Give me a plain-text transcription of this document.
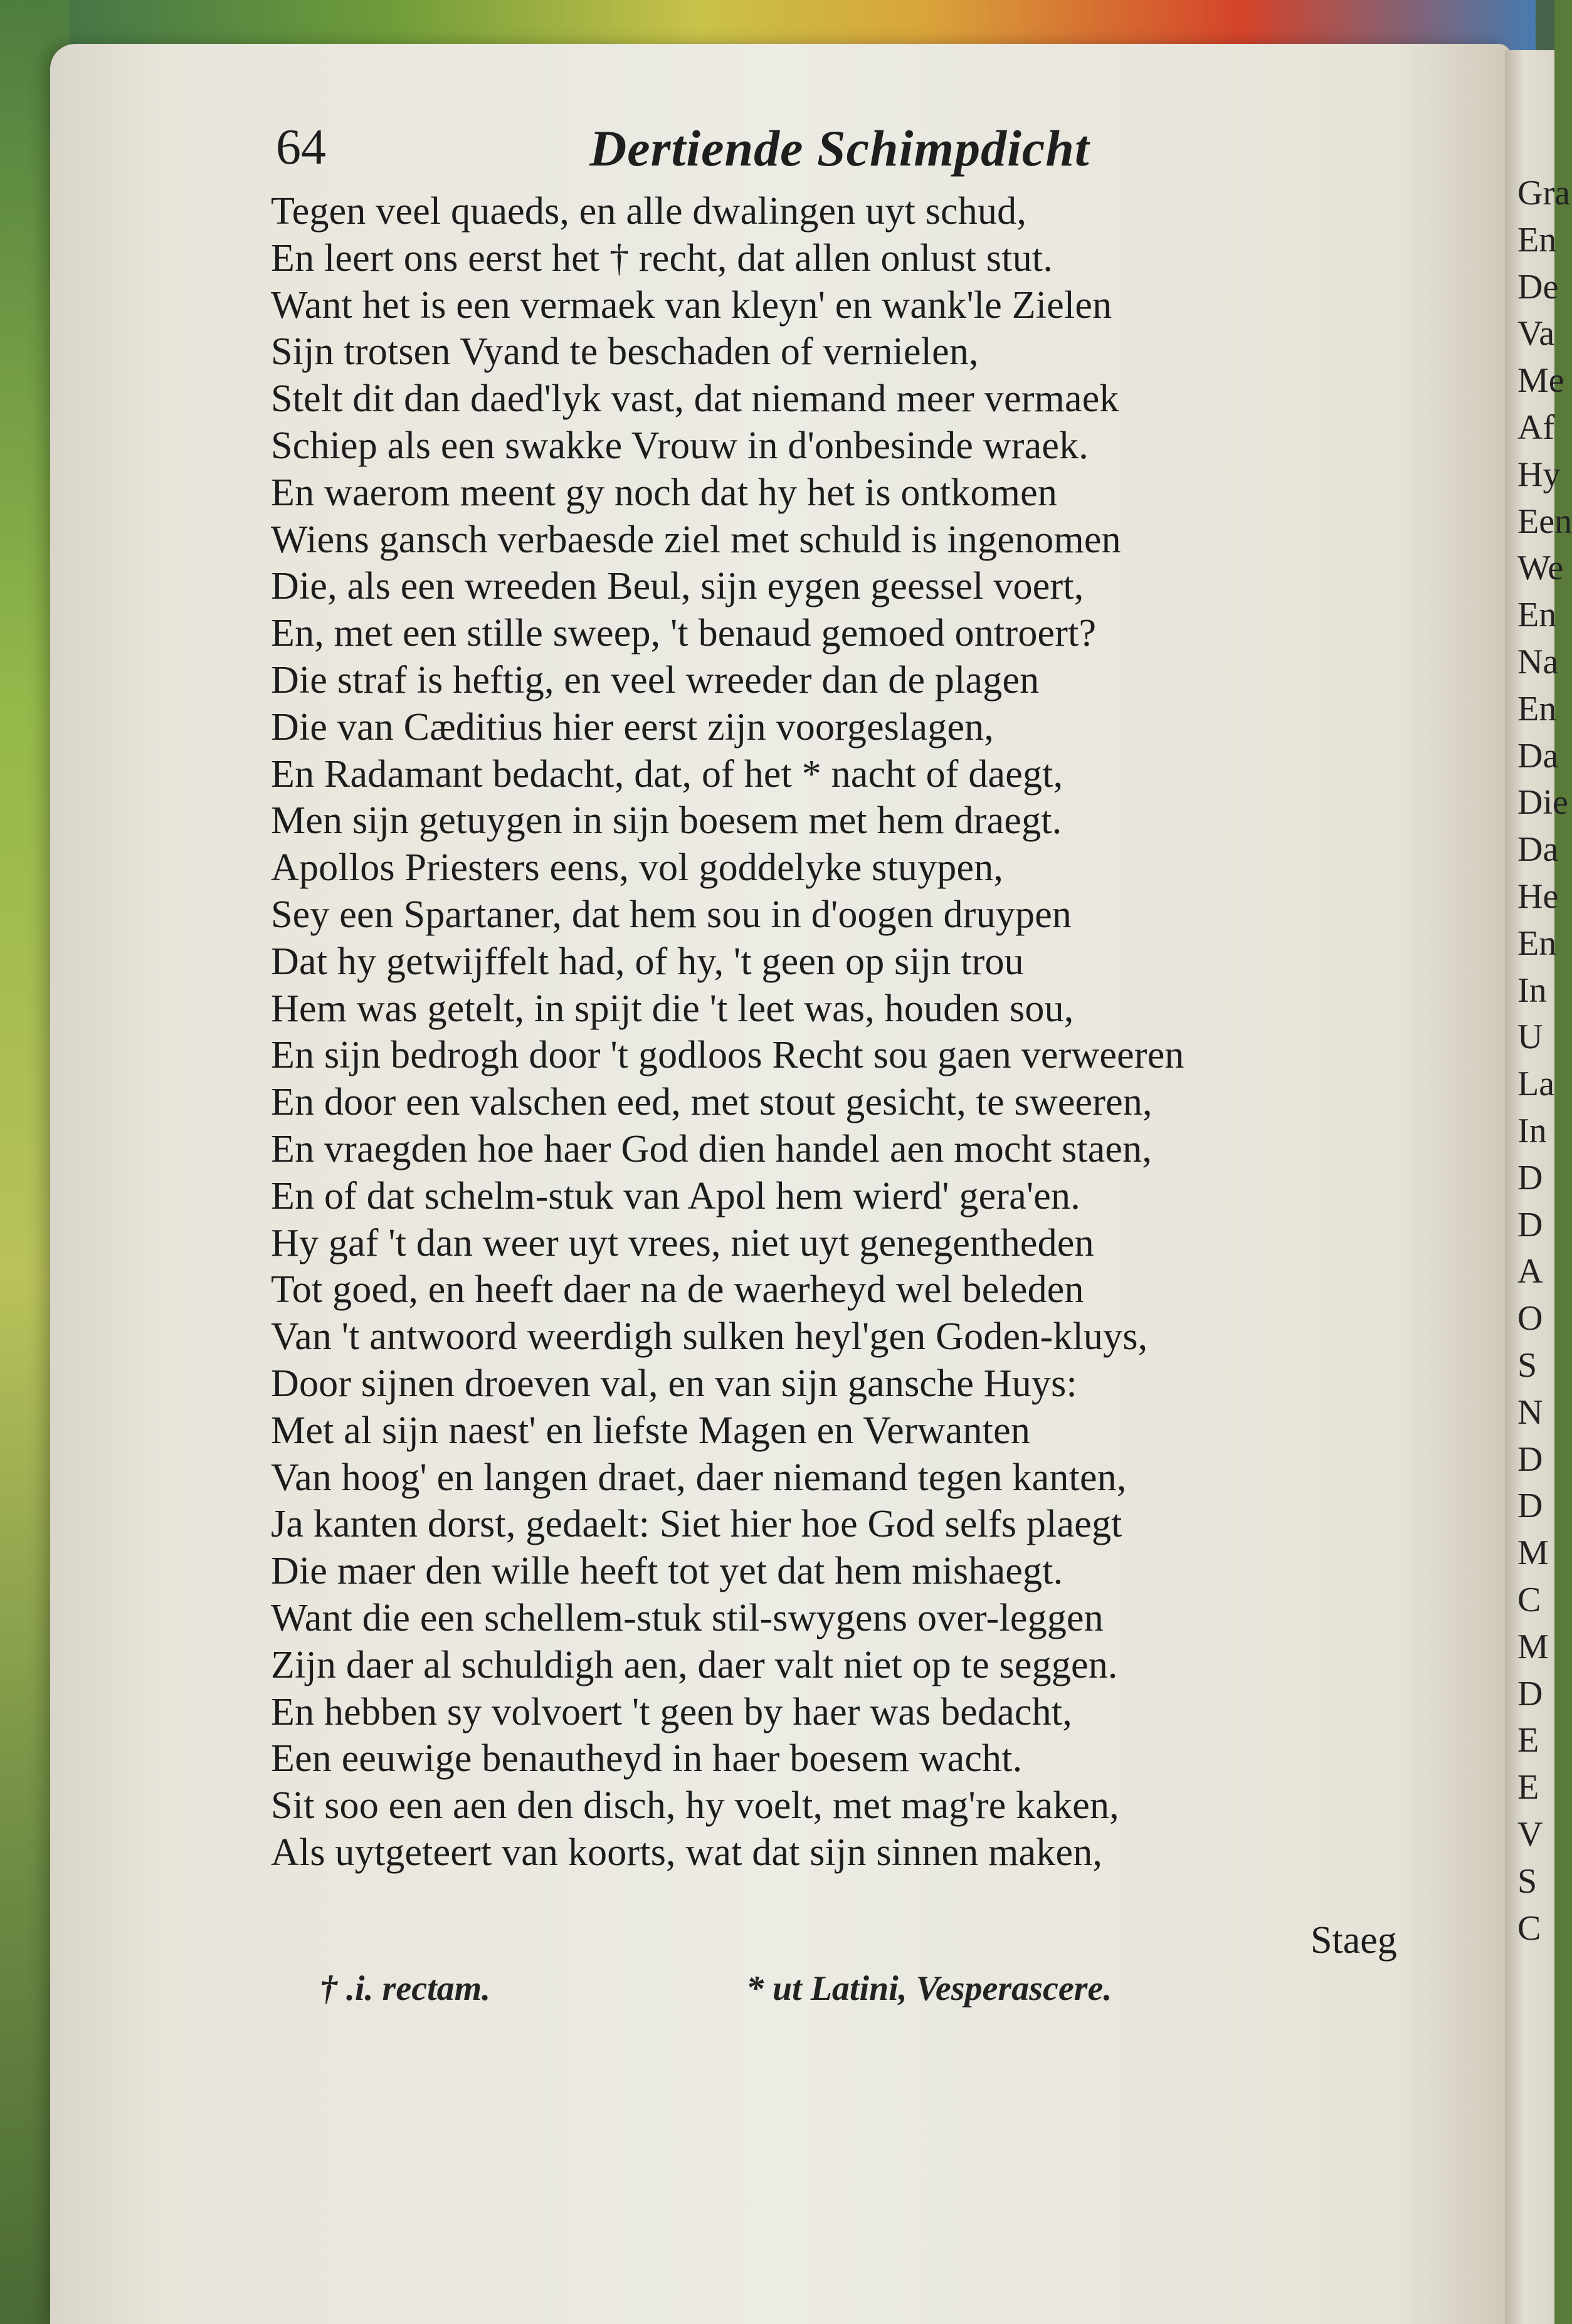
Gra
En
De
Va
Me
Af
Hy
Een
We
En
Na
En
Da
Die
Da
He
En
In
U
La
In
D
D
A
O
S
N
D
D
M
C
M
D
E
E
V
S
C
64	Dertiende Schimpdicht
Tegen veel quaeds, en alle dwalingen uyt schud,
En leert ons eerst het † recht, dat allen onlust stut.
Want het is een vermaek van kleyn' en wank'le Zielen
Sijn trotsen Vyand te beschaden of vernielen,
Stelt dit dan daed'lyk vast, dat niemand meer vermaek
Schiep als een swakke Vrouw in d'onbesinde wraek.
En waerom meent gy noch dat hy het is ontkomen
Wiens gansch verbaesde ziel met schuld is ingenomen
Die, als een wreeden Beul, sijn eygen geessel voert,
En, met een stille sweep, 't benaud gemoed ontroert?
Die straf is heftig, en veel wreeder dan de plagen
Die van Cæditius hier eerst zijn voorgeslagen,
En Radamant bedacht, dat, of het * nacht of daegt,
Men sijn getuygen in sijn boesem met hem draegt.
Apollos Priesters eens, vol goddelyke stuypen,
Sey een Spartaner, dat hem sou in d'oogen druypen
Dat hy getwijffelt had, of hy, 't geen op sijn trou
Hem was getelt, in spijt die 't leet was, houden sou,
En sijn bedrogh door 't godloos Recht sou gaen verweeren
En door een valschen eed, met stout gesicht, te sweeren,
En vraegden hoe haer God dien handel aen mocht staen,
En of dat schelm-stuk van Apol hem wierd' gera'en.
Hy gaf 't dan weer uyt vrees, niet uyt genegentheden
Tot goed, en heeft daer na de waerheyd wel beleden
Van 't antwoord weerdigh sulken heyl'gen Goden-kluys,
Door sijnen droeven val, en van sijn gansche Huys:
Met al sijn naest' en liefste Magen en Verwanten
Van hoog' en langen draet, daer niemand tegen kanten,
Ja kanten dorst, gedaelt: Siet hier hoe God selfs plaegt
Die maer den wille heeft tot yet dat hem mishaegt.
Want die een schellem-stuk stil-swygens over-leggen
Zijn daer al schuldigh aen, daer valt niet op te seggen.
En hebben sy volvoert 't geen by haer was bedacht,
Een eeuwige benautheyd in haer boesem wacht.
Sit soo een aen den disch, hy voelt, met mag're kaken,
Als uytgeteert van koorts, wat dat sijn sinnen maken,
Staeg
† .i. rectam.	* ut Latini, Vesperascere.
